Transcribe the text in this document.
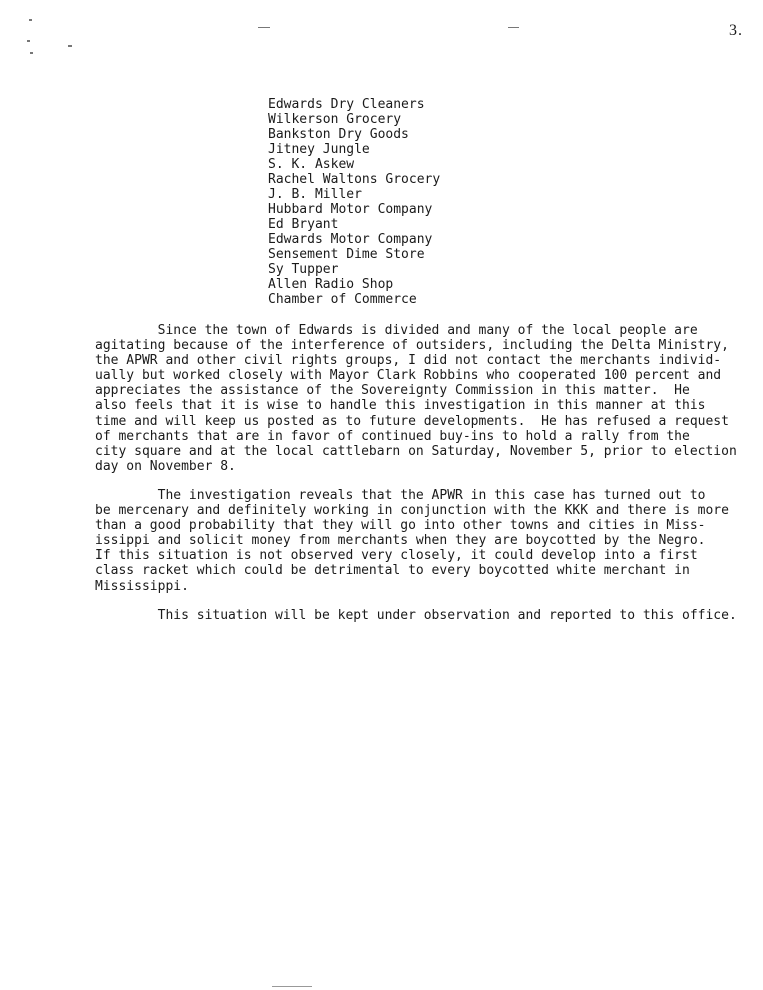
3.
Edwards Dry Cleaners
Wilkerson Grocery
Bankston Dry Goods
Jitney Jungle
S. K. Askew
Rachel Waltons Grocery
J. B. Miller
Hubbard Motor Company
Ed Bryant
Edwards Motor Company
Sensement Dime Store
Sy Tupper
Allen Radio Shop
Chamber of Commerce

Since the town of Edwards is divided and many of the local people are
agitating because of the interference of outsiders, including the Delta Ministry,
the APWR and other civil rights groups, I did not contact the merchants individ-
ually but worked closely with Mayor Clark Robbins who cooperated 100 percent and
appreciates the assistance of the Sovereignty Commission in this matter.  He
also feels that it is wise to handle this investigation in this manner at this
time and will keep us posted as to future developments.  He has refused a request
of merchants that are in favor of continued buy-ins to hold a rally from the
city square and at the local cattlebarn on Saturday, November 5, prior to election
day on November 8.

The investigation reveals that the APWR in this case has turned out to
be mercenary and definitely working in conjunction with the KKK and there is more
than a good probability that they will go into other towns and cities in Miss-
issippi and solicit money from merchants when they are boycotted by the Negro.
If this situation is not observed very closely, it could develop into a first
class racket which could be detrimental to every boycotted white merchant in
Mississippi.

This situation will be kept under observation and reported to this office.
